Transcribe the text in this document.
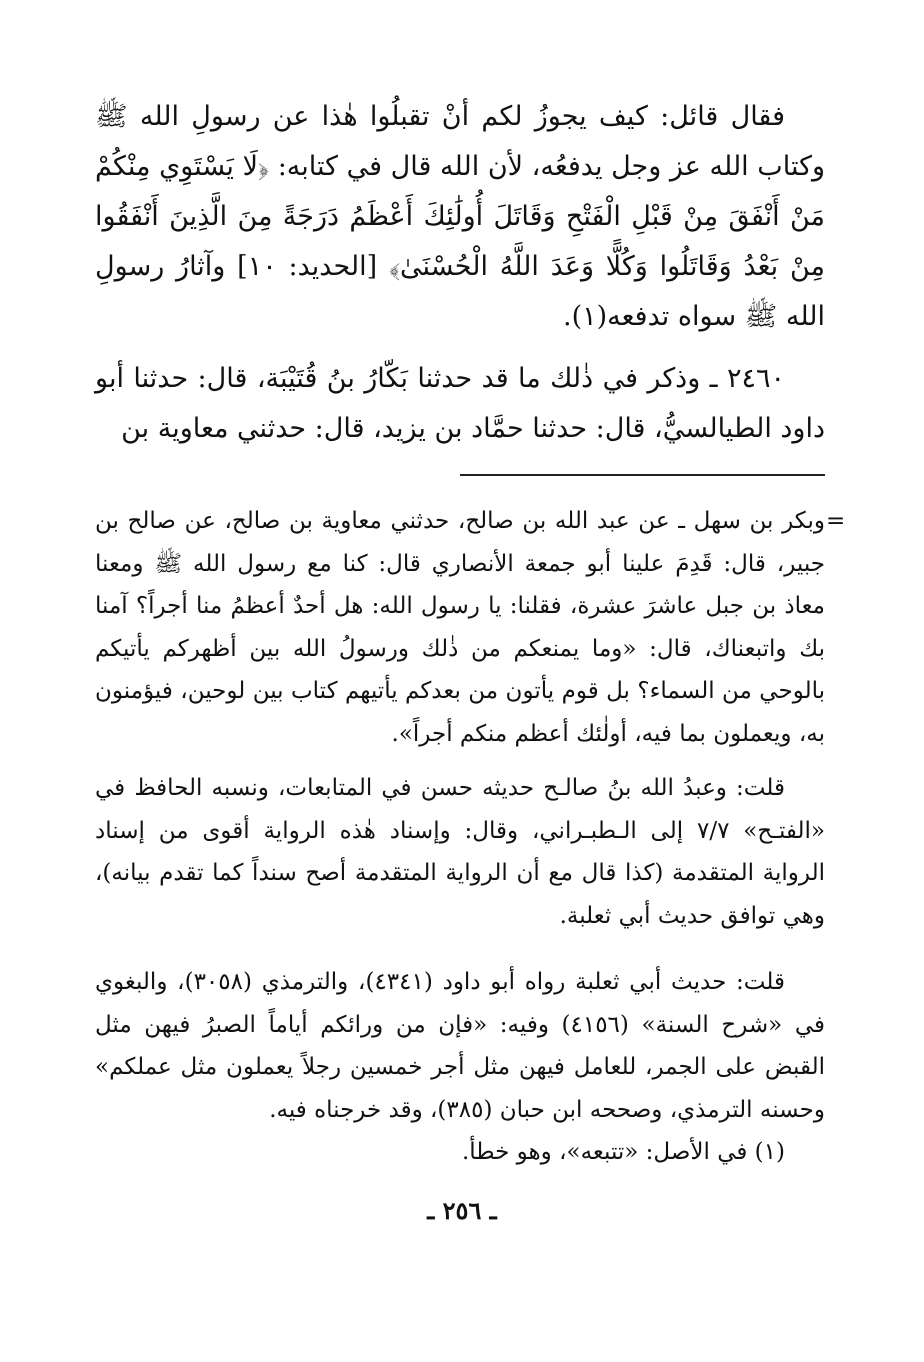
فقال قائل: كيف يجوزُ لكم أنْ تقبلُوا هٰذا عن رسولِ الله ﷺ وكتاب الله عز وجل يدفعُه، لأن الله قال في كتابه: ﴿لَا يَسْتَوِي مِنْكُمْ مَنْ أَنْفَقَ مِنْ قَبْلِ الْفَتْحِ وَقَاتَلَ أُولَٰئِكَ أَعْظَمُ دَرَجَةً مِنَ الَّذِينَ أَنْفَقُوا مِنْ بَعْدُ وَقَاتَلُوا وَكُلًّا وَعَدَ اللَّهُ الْحُسْنَىٰ﴾ [الحديد: ١٠] وآثارُ رسولِ الله ﷺ سواه تدفعه(١).

٢٤٦٠ ـ وذكر في ذٰلك ما قد حدثنا بَكّارُ بنُ قُتَيْبَة، قال: حدثنا أبو داود الطيالسيُّ، قال: حدثنا حمَّاد بن يزيد، قال: حدثني معاوية بن

=

وبكر بن سهل ـ عن عبد الله بن صالح، حدثني معاوية بن صالح، عن صالح بن جبير، قال: قَدِمَ علينا أبو جمعة الأنصاري قال: كنا مع رسول الله ﷺ ومعنا معاذ بن جبل عاشرَ عشرة، فقلنا: يا رسول الله: هل أحدٌ أعظمُ منا أجراً؟ آمنا بك واتبعناك، قال: «وما يمنعكم من ذٰلك ورسولُ الله بين أظهركم يأتيكم بالوحي من السماء؟ بل قوم يأتون من بعدكم يأتيهم كتاب بين لوحين، فيؤمنون به، ويعملون بما فيه، أولٰئك أعظم منكم أجراً».

قلت: وعبدُ الله بنُ صالـح حديثه حسن في المتابعات، ونسبه الحافظ في «الفتـح» ٧/٧ إلى الـطبـراني، وقال: وإسناد هٰذه الرواية أقوى من إسناد الرواية المتقدمة (كذا قال مع أن الرواية المتقدمة أصح سنداً كما تقدم بيانه)، وهي توافق حديث أبي ثعلبة.

قلت: حديث أبي ثعلبة رواه أبو داود (٤٣٤١)، والترمذي (٣٠٥٨)، والبغوي في «شرح السنة» (٤١٥٦) وفيه: «فإن من ورائكم أياماً الصبرُ فيهن مثل القبض على الجمر، للعامل فيهن مثل أجر خمسين رجلاً يعملون مثل عملكم» وحسنه الترمذي، وصححه ابن حبان (٣٨٥)، وقد خرجناه فيه.

(١) في الأصل: «تتبعه»، وهو خطأ.

ـ ٢٥٦ ـ
